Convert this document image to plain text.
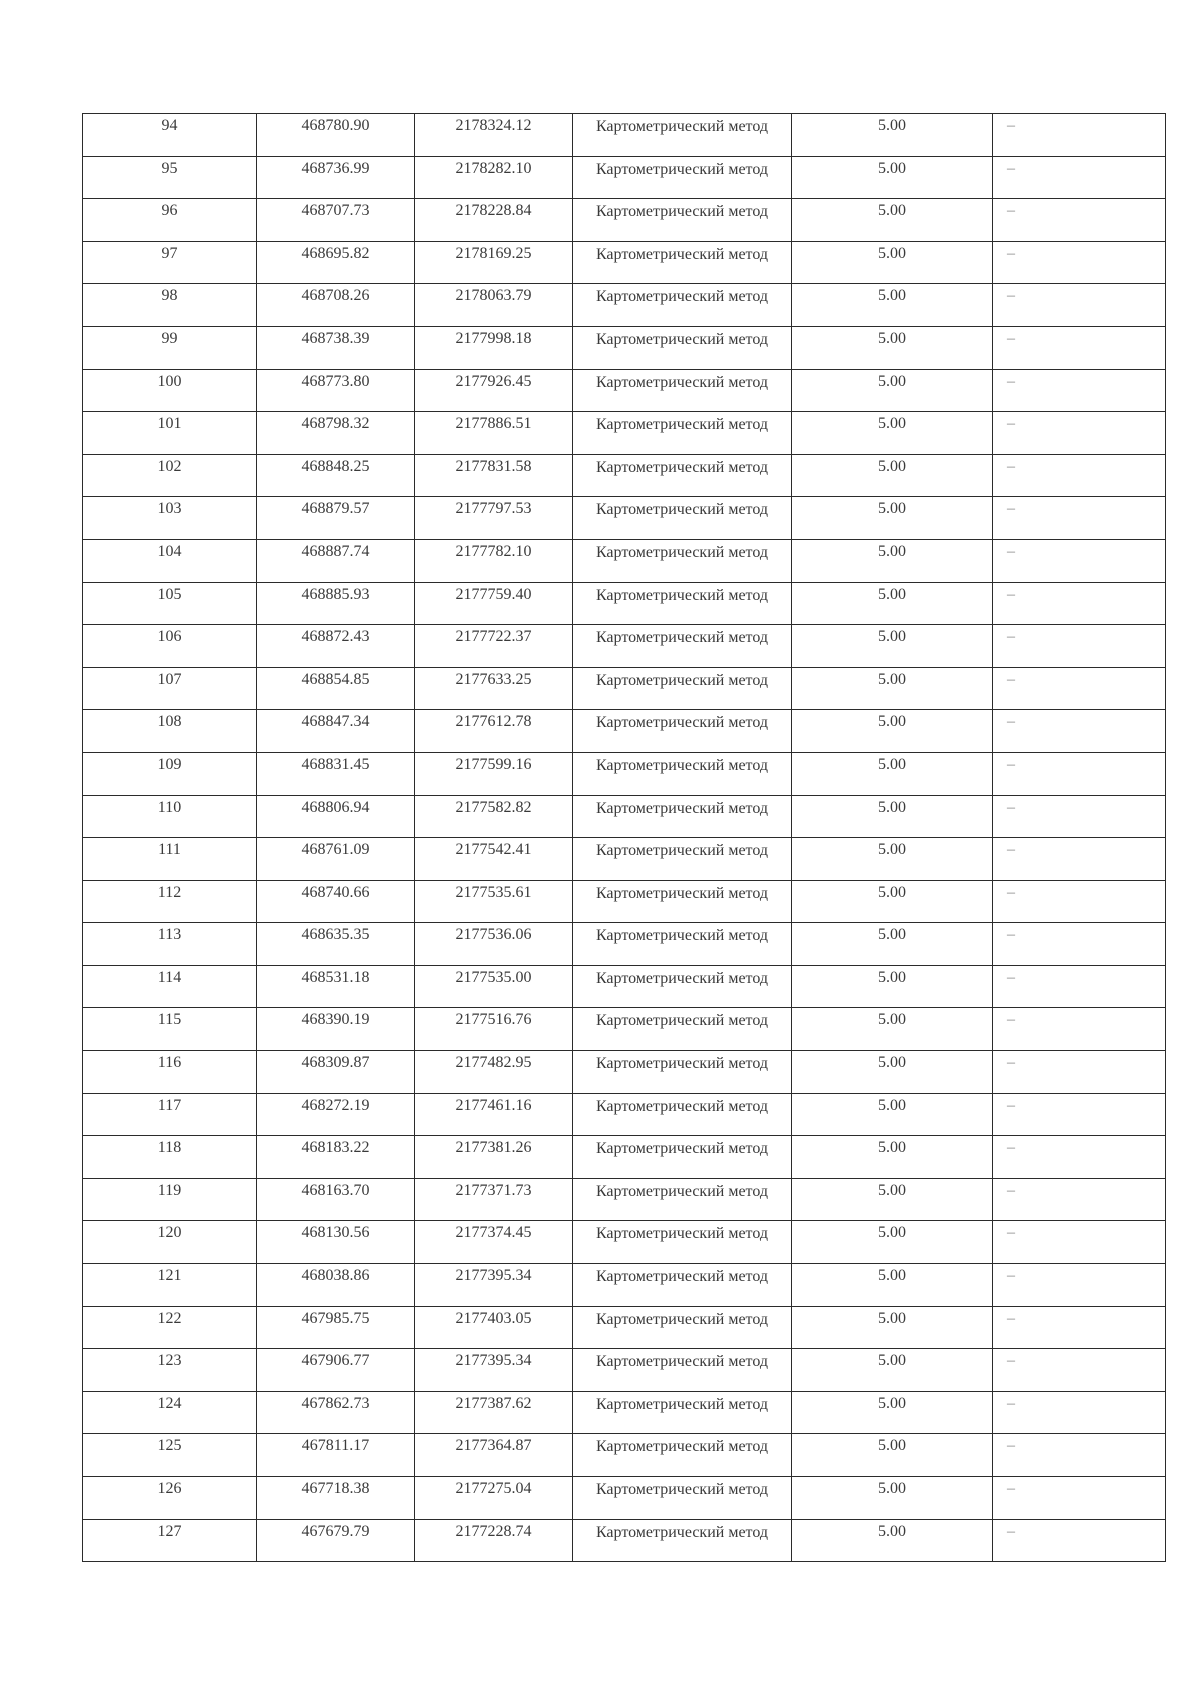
94	468780.90	2178324.12	Картометрический метод	5.00	–

95	468736.99	2178282.10	Картометрический метод	5.00	–

96	468707.73	2178228.84	Картометрический метод	5.00	–

97	468695.82	2178169.25	Картометрический метод	5.00	–

98	468708.26	2178063.79	Картометрический метод	5.00	–

99	468738.39	2177998.18	Картометрический метод	5.00	–

100	468773.80	2177926.45	Картометрический метод	5.00	–

101	468798.32	2177886.51	Картометрический метод	5.00	–

102	468848.25	2177831.58	Картометрический метод	5.00	–

103	468879.57	2177797.53	Картометрический метод	5.00	–

104	468887.74	2177782.10	Картометрический метод	5.00	–

105	468885.93	2177759.40	Картометрический метод	5.00	–

106	468872.43	2177722.37	Картометрический метод	5.00	–

107	468854.85	2177633.25	Картометрический метод	5.00	–

108	468847.34	2177612.78	Картометрический метод	5.00	–

109	468831.45	2177599.16	Картометрический метод	5.00	–

110	468806.94	2177582.82	Картометрический метод	5.00	–

111	468761.09	2177542.41	Картометрический метод	5.00	–

112	468740.66	2177535.61	Картометрический метод	5.00	–

113	468635.35	2177536.06	Картометрический метод	5.00	–

114	468531.18	2177535.00	Картометрический метод	5.00	–

115	468390.19	2177516.76	Картометрический метод	5.00	–

116	468309.87	2177482.95	Картометрический метод	5.00	–

117	468272.19	2177461.16	Картометрический метод	5.00	–

118	468183.22	2177381.26	Картометрический метод	5.00	–

119	468163.70	2177371.73	Картометрический метод	5.00	–

120	468130.56	2177374.45	Картометрический метод	5.00	–

121	468038.86	2177395.34	Картометрический метод	5.00	–

122	467985.75	2177403.05	Картометрический метод	5.00	–

123	467906.77	2177395.34	Картометрический метод	5.00	–

124	467862.73	2177387.62	Картометрический метод	5.00	–

125	467811.17	2177364.87	Картометрический метод	5.00	–

126	467718.38	2177275.04	Картометрический метод	5.00	–

127	467679.79	2177228.74	Картометрический метод	5.00	–
